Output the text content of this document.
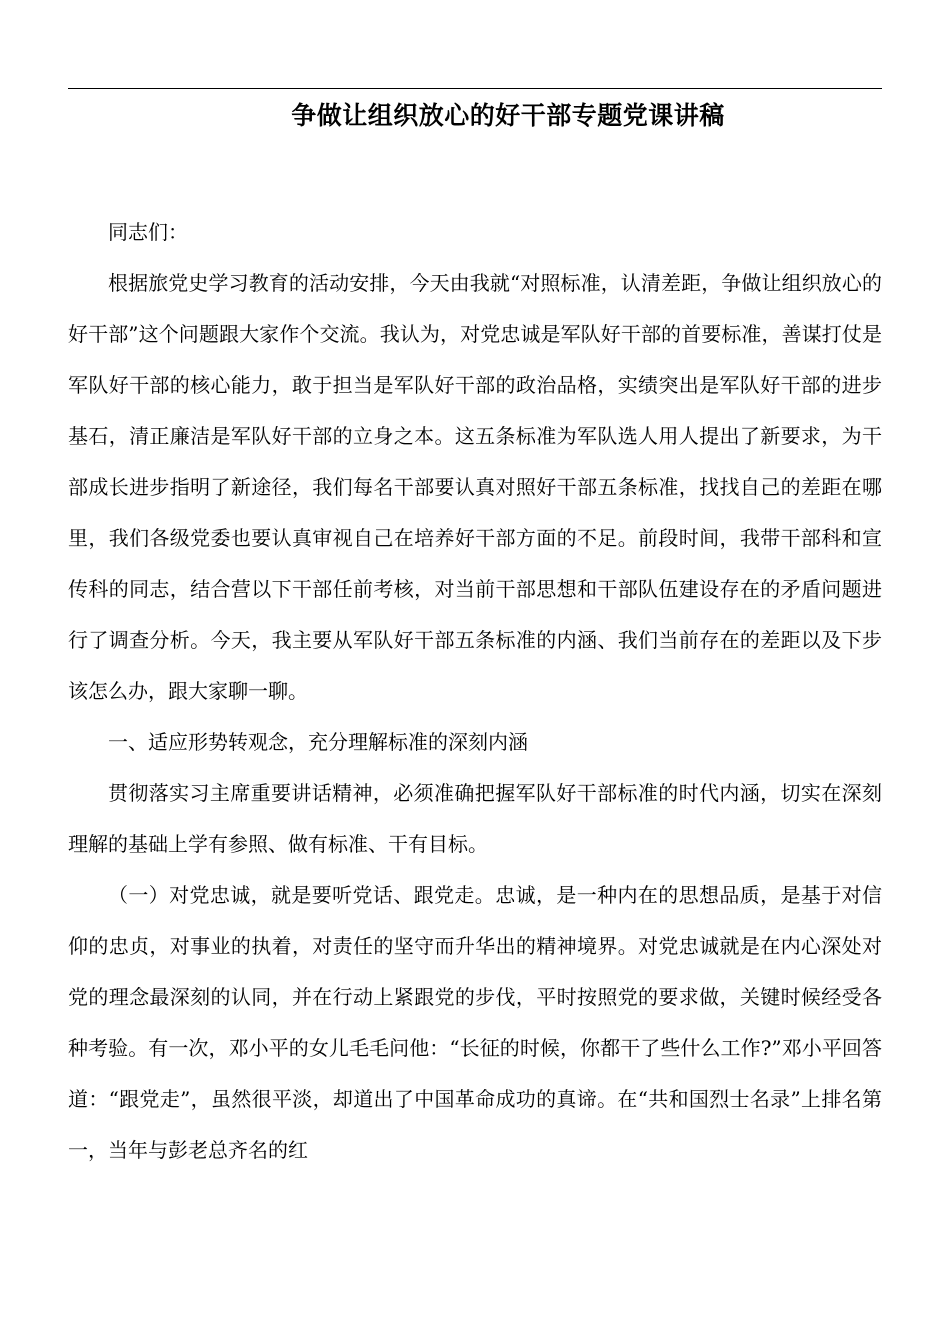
争做让组织放心的好干部专题党课讲稿

同志们：

根据旅党史学习教育的活动安排，今天由我就“对照标准，认清差距，争做让组织放心的好干部”这个问题跟大家作个交流。我认为，对党忠诚是军队好干部的首要标准，善谋打仗是军队好干部的核心能力，敢于担当是军队好干部的政治品格，实绩突出是军队好干部的进步基石，清正廉洁是军队好干部的立身之本。这五条标准为军队选人用人提出了新要求，为干部成长进步指明了新途径，我们每名干部要认真对照好干部五条标准，找找自己的差距在哪里，我们各级党委也要认真审视自己在培养好干部方面的不足。前段时间，我带干部科和宣传科的同志，结合营以下干部任前考核，对当前干部思想和干部队伍建设存在的矛盾问题进行了调查分析。今天，我主要从军队好干部五条标准的内涵、我们当前存在的差距以及下步该怎么办，跟大家聊一聊。

一、适应形势转观念，充分理解标准的深刻内涵

贯彻落实习主席重要讲话精神，必须准确把握军队好干部标准的时代内涵，切实在深刻理解的基础上学有参照、做有标准、干有目标。

（一）对党忠诚，就是要听党话、跟党走。忠诚，是一种内在的思想品质，是基于对信仰的忠贞，对事业的执着，对责任的坚守而升华出的精神境界。对党忠诚就是在内心深处对党的理念最深刻的认同，并在行动上紧跟党的步伐，平时按照党的要求做，关键时候经受各种考验。有一次，邓小平的女儿毛毛问他：“长征的时候，你都干了些什么工作?”邓小平回答道：“跟党走”，虽然很平淡，却道出了中国革命成功的真谛。在“共和国烈士名录”上排名第一，当年与彭老总齐名的红
